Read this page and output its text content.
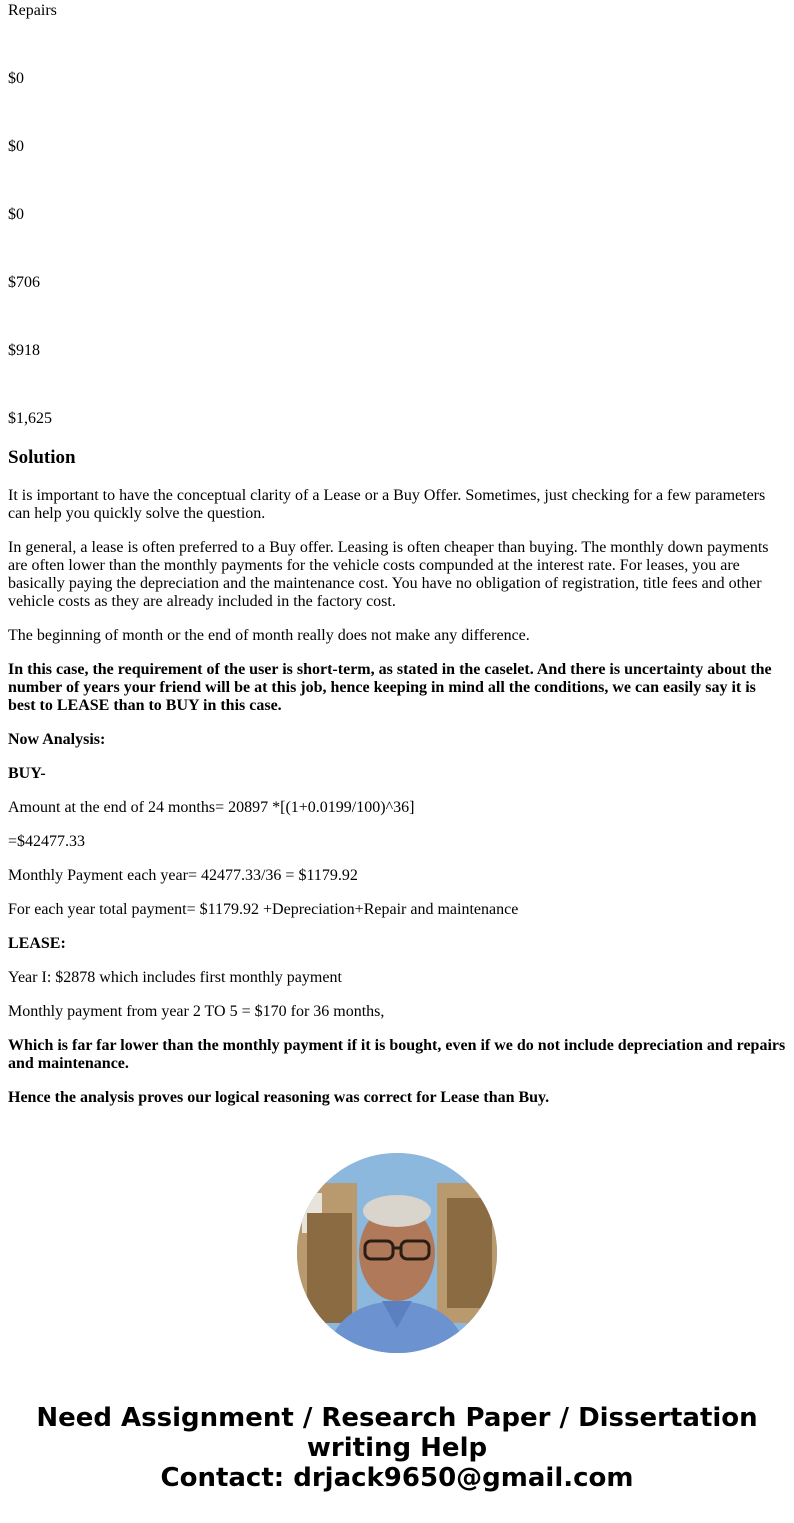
Repairs
$0
$0
$0
$706
$918
$1,625
Solution

It is important to have the conceptual clarity of a Lease or a Buy Offer. Sometimes, just checking for a few parameters can help you quickly solve the question.

In general, a lease is often preferred to a Buy offer. Leasing is often cheaper than buying. The monthly down payments are often lower than the monthly payments for the vehicle costs compunded at the interest rate. For leases, you are basically paying the depreciation and the maintenance cost. You have no obligation of registration, title fees and other vehicle costs as they are already included in the factory cost.

The beginning of month or the end of month really does not make any difference.

In this case, the requirement of the user is short-term, as stated in the caselet. And there is uncertainty about the number of years your friend will be at this job, hence keeping in mind all the conditions, we can easily say it is best to LEASE than to BUY in this case.

Now Analysis:

BUY-

Amount at the end of 24 months= 20897 *[(1+0.0199/100)^36]

=$42477.33

Monthly Payment each year= 42477.33/36 = $1179.92

For each year total payment= $1179.92 +Depreciation+Repair and maintenance

LEASE:

Year I: $2878 which includes first monthly payment

Monthly payment from year 2 TO 5 = $170 for 36 months,

Which is far far lower than the monthly payment if it is bought, even if we do not include depreciation and repairs and maintenance.

Hence the analysis proves our logical reasoning was correct for Lease than Buy.

Need Assignment / Research Paper / Dissertation writing Help
Contact: drjack9650@gmail.com
